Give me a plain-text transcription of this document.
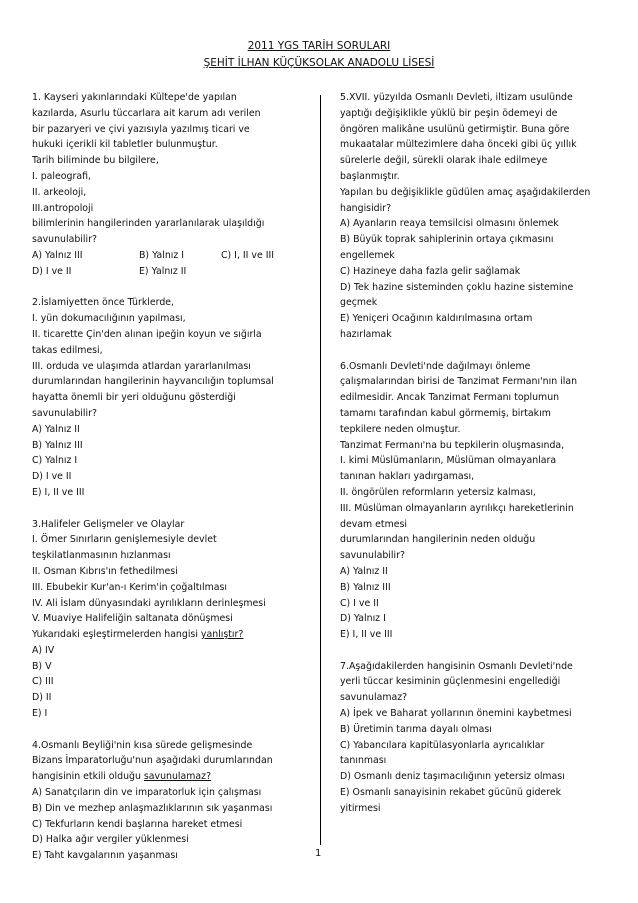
2011 YGS TARİH SORULARI
ŞEHİT İLHAN KÜÇÜKSOLAK ANADOLU LİSESİ
1. Kayseri yakınlarındaki Kültepe'de yapılan
kazılarda, Asurlu tüccarlara ait karum adı verilen
bir pazaryeri ve çivi yazısıyla yazılmış ticari ve
hukuki içerikli kil tabletler bulunmuştur.
Tarih biliminde bu bilgilere,
I. paleografi,
II. arkeoloji,
III.antropoloji
bilimlerinin hangilerinden yararlanılarak ulaşıldığı
savunulabilir?
A) Yalnız III	B) Yalnız I	C) I, II ve III
D) I ve II	E) Yalnız II
2.İslamiyetten önce Türklerde,
I. yün dokumacılığının yapılması,
II. ticarette Çin'den alınan ipeğin koyun ve sığırla
takas edilmesi,
III. orduda ve ulaşımda atlardan yararlanılması
durumlarından hangilerinin hayvancılığın toplumsal
hayatta önemli bir yeri olduğunu gösterdiği
savunulabilir?
A) Yalnız II
B) Yalnız III
C) Yalnız I
D) I ve II
E) I, II ve III
3.Halifeler Gelişmeler ve Olaylar
I. Ömer Sınırların genişlemesiyle devlet
teşkilatlanmasının hızlanması
II. Osman Kıbrıs'ın fethedilmesi
III. Ebubekir Kur'an-ı Kerim'in çoğaltılması
IV. Ali İslam dünyasındaki ayrılıkların derinleşmesi
V. Muaviye Halifeliğin saltanata dönüşmesi
Yukarıdaki eşleştirmelerden hangisi yanlıştır?
A) IV
B) V
C) III
D) II
E) I
4.Osmanlı Beyliği'nin kısa sürede gelişmesinde
Bizans İmparatorluğu'nun aşağıdaki durumlarından
hangisinin etkili olduğu savunulamaz?
A) Sanatçıların din ve imparatorluk için çalışması
B) Din ve mezhep anlaşmazlıklarının sık yaşanması
C) Tekfurların kendi başlarına hareket etmesi
D) Halka ağır vergiler yüklenmesi
E) Taht kavgalarının yaşanması
5.XVII. yüzyılda Osmanlı Devleti, iltizam usulünde
yaptığı değişiklikle yüklü bir peşin ödemeyi de
öngören malikâne usulünü getirmiştir. Buna göre
mukaatalar mültezimlere daha önceki gibi üç yıllık
sürelerle değil, sürekli olarak ihale edilmeye
başlanmıştır.
Yapılan bu değişiklikle güdülen amaç aşağıdakilerden
hangisidir?
A) Ayanların reaya temsilcisi olmasını önlemek
B) Büyük toprak sahiplerinin ortaya çıkmasını
engellemek
C) Hazineye daha fazla gelir sağlamak
D) Tek hazine sisteminden çoklu hazine sistemine
geçmek
E) Yeniçeri Ocağının kaldırılmasına ortam
hazırlamak
6.Osmanlı Devleti'nde dağılmayı önleme
çalışmalarından birisi de Tanzimat Fermanı'nın ilan
edilmesidir. Ancak Tanzimat Fermanı toplumun
tamamı tarafından kabul görmemiş, birtakım
tepkilere neden olmuştur.
Tanzimat Fermanı'na bu tepkilerin oluşmasında,
I. kimi Müslümanların, Müslüman olmayanlara
tanınan hakları yadırgaması,
II. öngörülen reformların yetersiz kalması,
III. Müslüman olmayanların ayrılıkçı hareketlerinin
devam etmesi
durumlarından hangilerinin neden olduğu
savunulabilir?
A) Yalnız II
B) Yalnız III
C) I ve II
D) Yalnız I
E) I, II ve III
7.Aşağıdakilerden hangisinin Osmanlı Devleti'nde
yerli tüccar kesiminin güçlenmesini engellediği
savunulamaz?
A) İpek ve Baharat yollarının önemini kaybetmesi
B) Üretimin tarıma dayalı olması
C) Yabancılara kapitülasyonlarla ayrıcalıklar
tanınması
D) Osmanlı deniz taşımacılığının yetersiz olması
E) Osmanlı sanayisinin rekabet gücünü giderek
yitirmesi
1
